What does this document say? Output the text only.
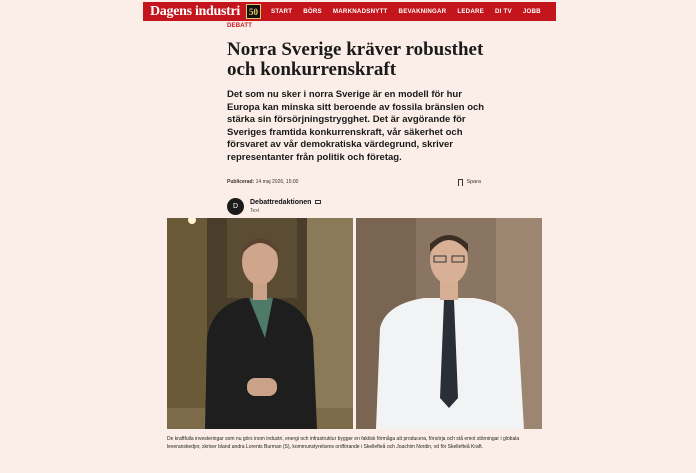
Dagens industri	50	START BÖRS MARKNADSNYTT BEVAKNINGAR LEDARE DI TV JOBB
DEBATT
Norra Sverige kräver robusthet och konkurrenskraft
Det som nu sker i norra Sverige är en modell för hur Europa kan minska sitt beroende av fossila bränslen och stärka sin försörjningstrygghet. Det är avgörande för Sveriges framtida konkurrenskraft, vår säkerhet och försvaret av vår demokratiska värdegrund, skriver representanter från politik och företag.
Publicerad:
14 maj 2026, 15:00	Spara
D
Debattredaktionen
Text
De kraftfulla investeringar som nu görs inom industri, energi och infrastruktur bygger en faktisk förmåga att producera, försörja och stå emot störningar i globala leveranskedjor, skriver bland andra Lorents Burman (S), kommunstyrelsens ordförande i Skellefteå och Joachim Nordin, vd för Skellefteå Kraft.
